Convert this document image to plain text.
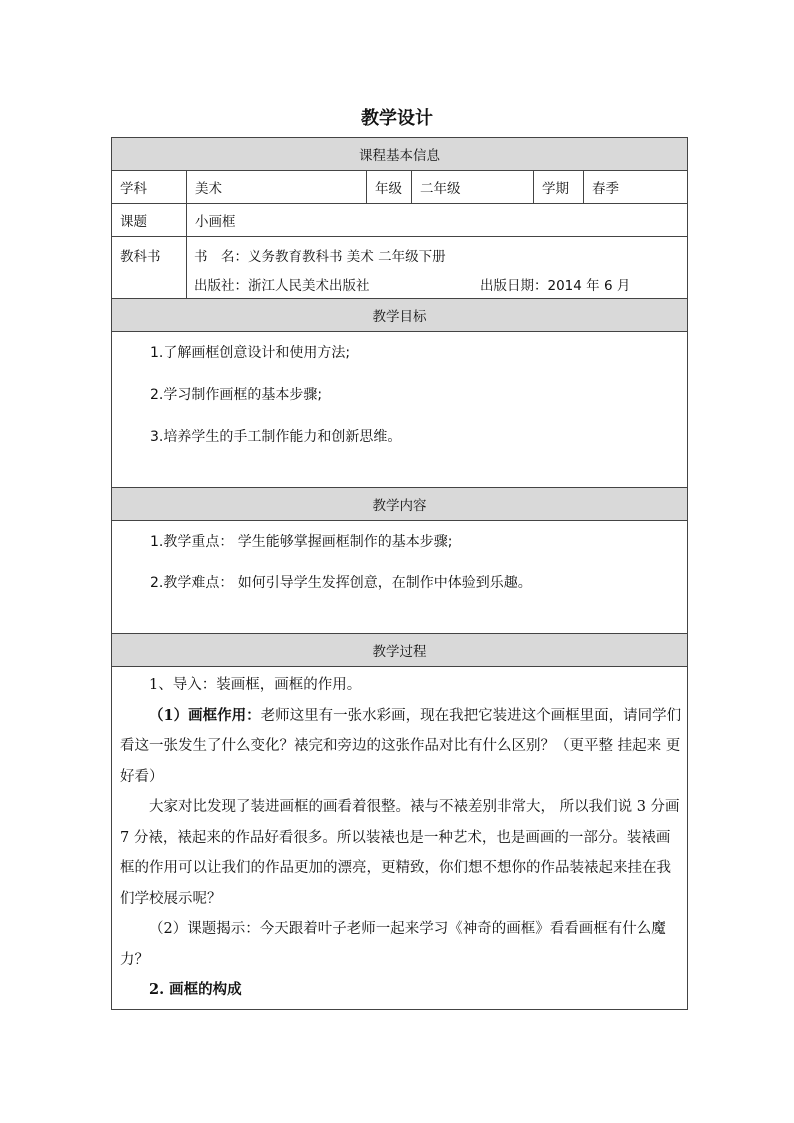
教学设计
课程基本信息
学科	美术	年级	二年级	学期	春季
课题	小画框
教科书	书　名：义务教育教科书 美术 二年级下册
出版社：浙江人民美术出版社	出版日期：2014 年 6 月
教学目标
1.了解画框创意设计和使用方法;
2.学习制作画框的基本步骤;
3.培养学生的手工制作能力和创新思维。
教学内容
1.教学重点： 学生能够掌握画框制作的基本步骤;
2.教学难点： 如何引导学生发挥创意，在制作中体验到乐趣。
教学过程

1、导入：装画框，画框的作用。

（1）画框作用：老师这里有一张水彩画，现在我把它装进这个画框里面，请同学们看这一张发生了什么变化？裱完和旁边的这张作品对比有什么区别？（更平整 挂起来 更好看）

大家对比发现了装进画框的画看着很整。裱与不裱差别非常大， 所以我们说 3 分画 7 分裱，裱起来的作品好看很多。所以装裱也是一种艺术，也是画画的一部分。装裱画框的作用可以让我们的作品更加的漂亮，更精致，你们想不想你的作品装裱起来挂在我们学校展示呢？

（2）课题揭示：今天跟着叶子老师一起来学习《神奇的画框》看看画框有什么魔力？

2. 画框的构成
